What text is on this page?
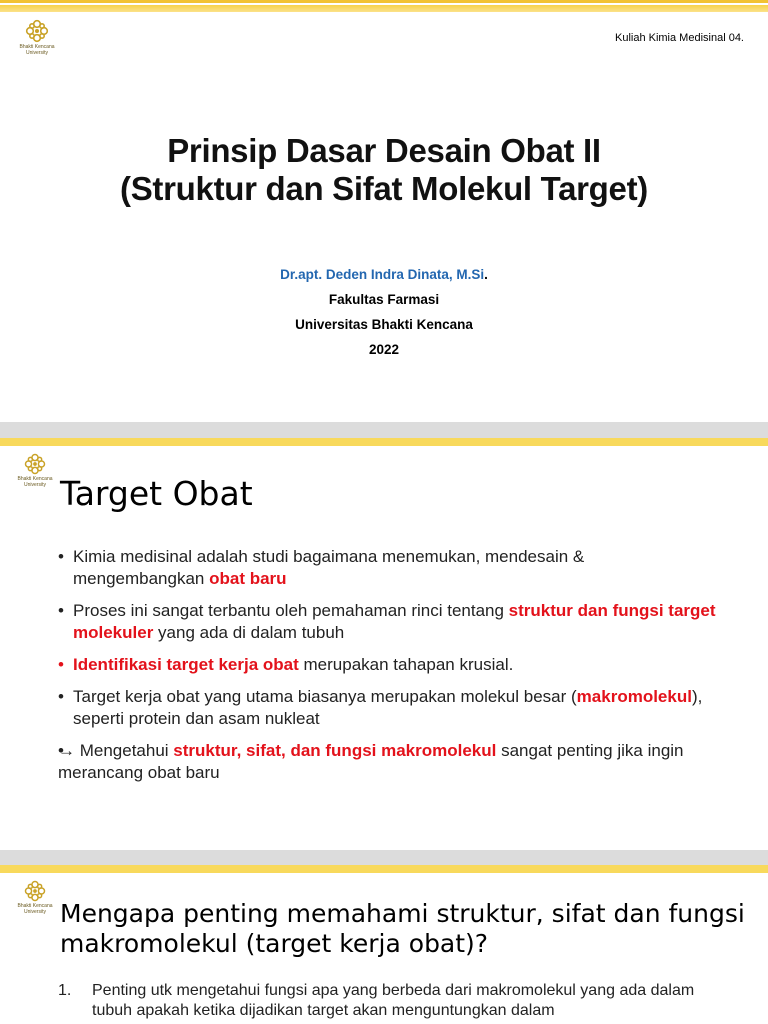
Bhakti Kencana
University
Kuliah Kimia Medisinal 04.
Prinsip Dasar Desain Obat II
(Struktur dan Sifat Molekul Target)
Dr.apt. Deden Indra Dinata, M.Si.
Fakultas Farmasi
Universitas Bhakti Kencana
2022
Bhakti Kencana
University Target Obat
• Kimia medisinal adalah studi bagaimana menemukan, mendesain & mengembangkan obat baru
• Proses ini sangat terbantu oleh pemahaman rinci tentang struktur dan fungsi target molekuler yang ada di dalam tubuh
• Identifikasi target kerja obat merupakan tahapan krusial.
• Target kerja obat yang utama biasanya merupakan molekul besar (makromolekul), seperti protein dan asam nukleat
• → Mengetahui struktur, sifat, dan fungsi makromolekul sangat penting jika ingin merancang obat baru
Bhakti Kencana
University Mengapa penting memahami struktur, sifat dan fungsi makromolekul (target kerja obat)?
1. Penting utk mengetahui fungsi apa yang berbeda dari makromolekul yang ada dalam tubuh apakah ketika dijadikan target akan menguntungkan dalam
